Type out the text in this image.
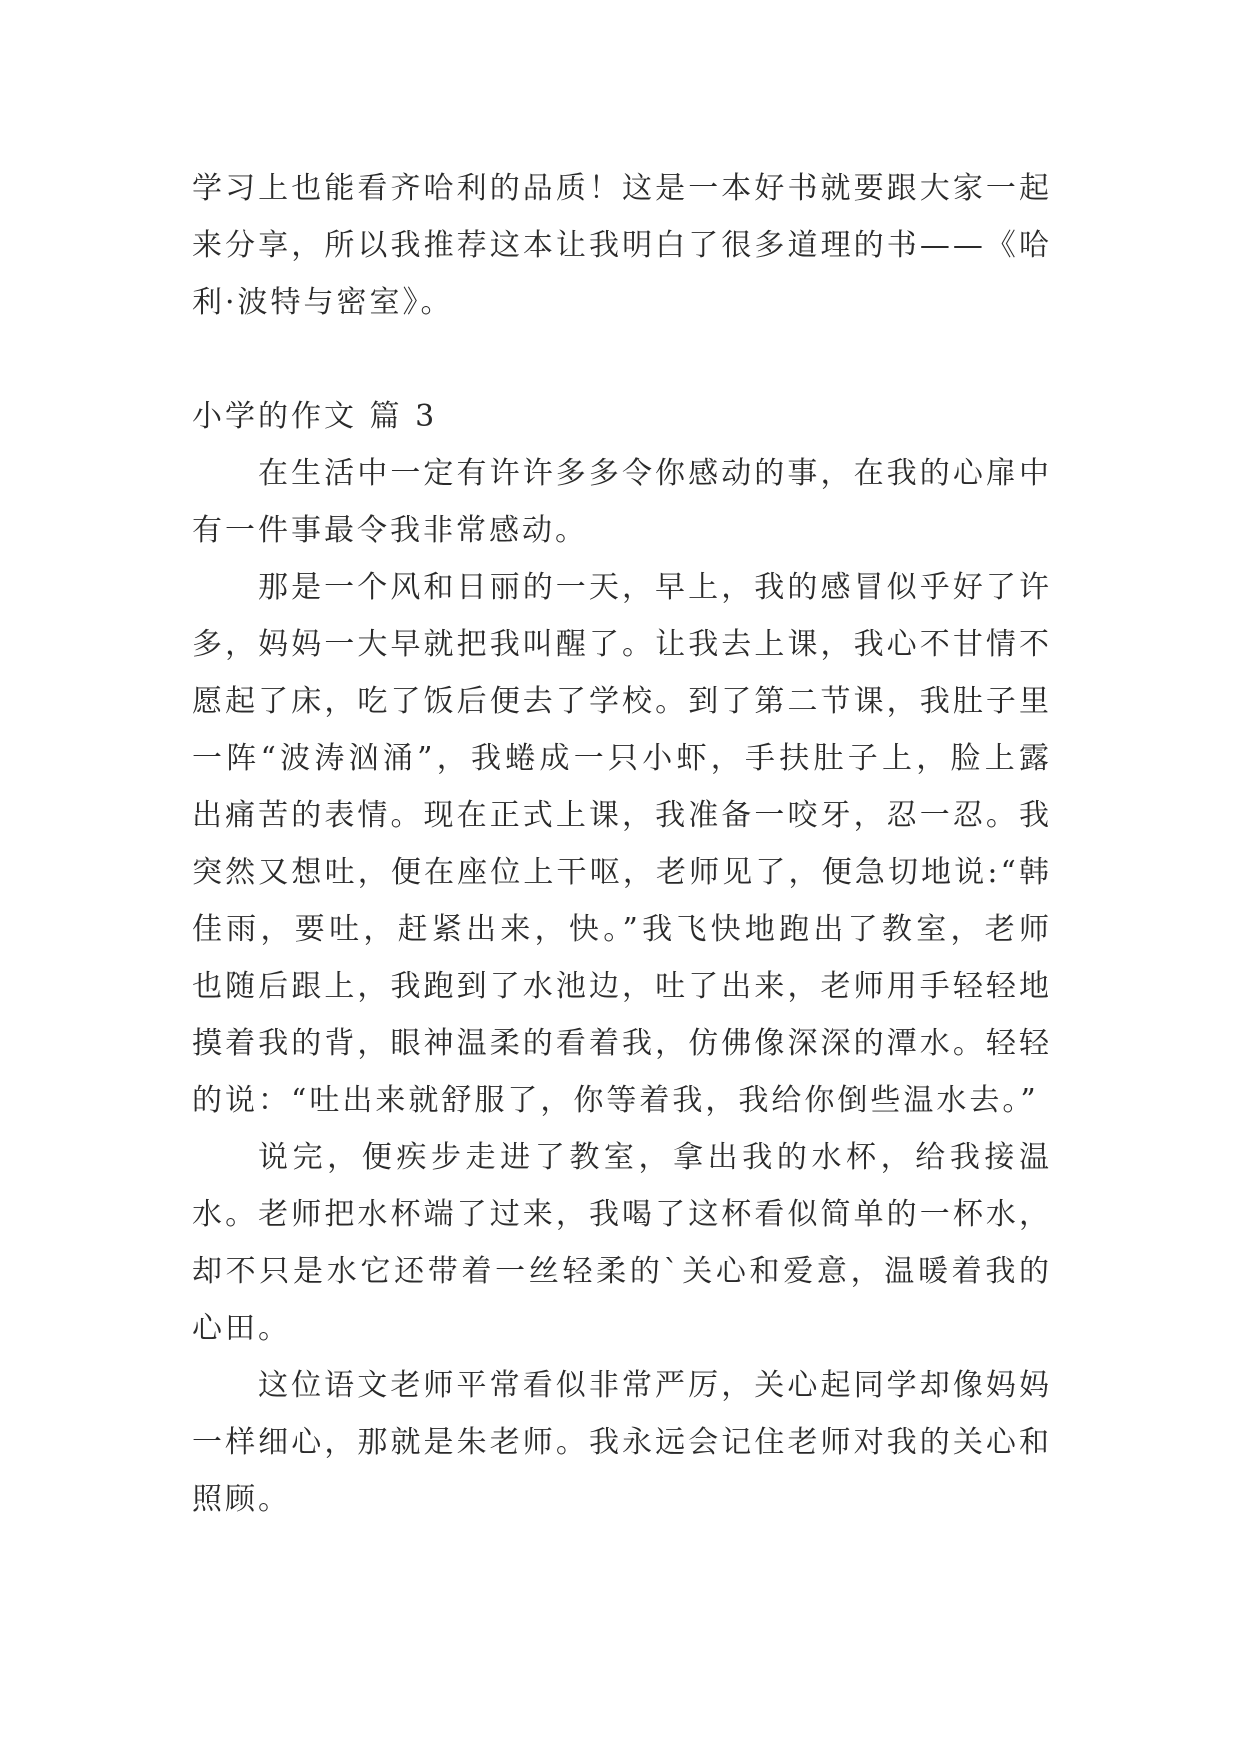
学习上也能看齐哈利的品质！这是一本好书就要跟大家一起来分享，所以我推荐这本让我明白了很多道理的书——《哈利·波特与密室》。

小学的作文 篇 3

在生活中一定有许许多多令你感动的事，在我的心扉中有一件事最令我非常感动。

那是一个风和日丽的一天，早上，我的感冒似乎好了许多，妈妈一大早就把我叫醒了。让我去上课，我心不甘情不愿起了床，吃了饭后便去了学校。到了第二节课，我肚子里一阵“波涛汹涌”，我蜷成一只小虾，手扶肚子上，脸上露出痛苦的表情。现在正式上课，我准备一咬牙，忍一忍。我突然又想吐，便在座位上干呕，老师见了，便急切地说:“韩佳雨，要吐，赶紧出来，快。”我飞快地跑出了教室，老师也随后跟上，我跑到了水池边，吐了出来，老师用手轻轻地摸着我的背，眼神温柔的看着我，仿佛像深深的潭水。轻轻的说：“吐出来就舒服了，你等着我，我给你倒些温水去。”

说完，便疾步走进了教室，拿出我的水杯，给我接温水。老师把水杯端了过来，我喝了这杯看似简单的一杯水，却不只是水它还带着一丝轻柔的`关心和爱意，温暖着我的心田。

这位语文老师平常看似非常严厉，关心起同学却像妈妈一样细心，那就是朱老师。我永远会记住老师对我的关心和照顾。
